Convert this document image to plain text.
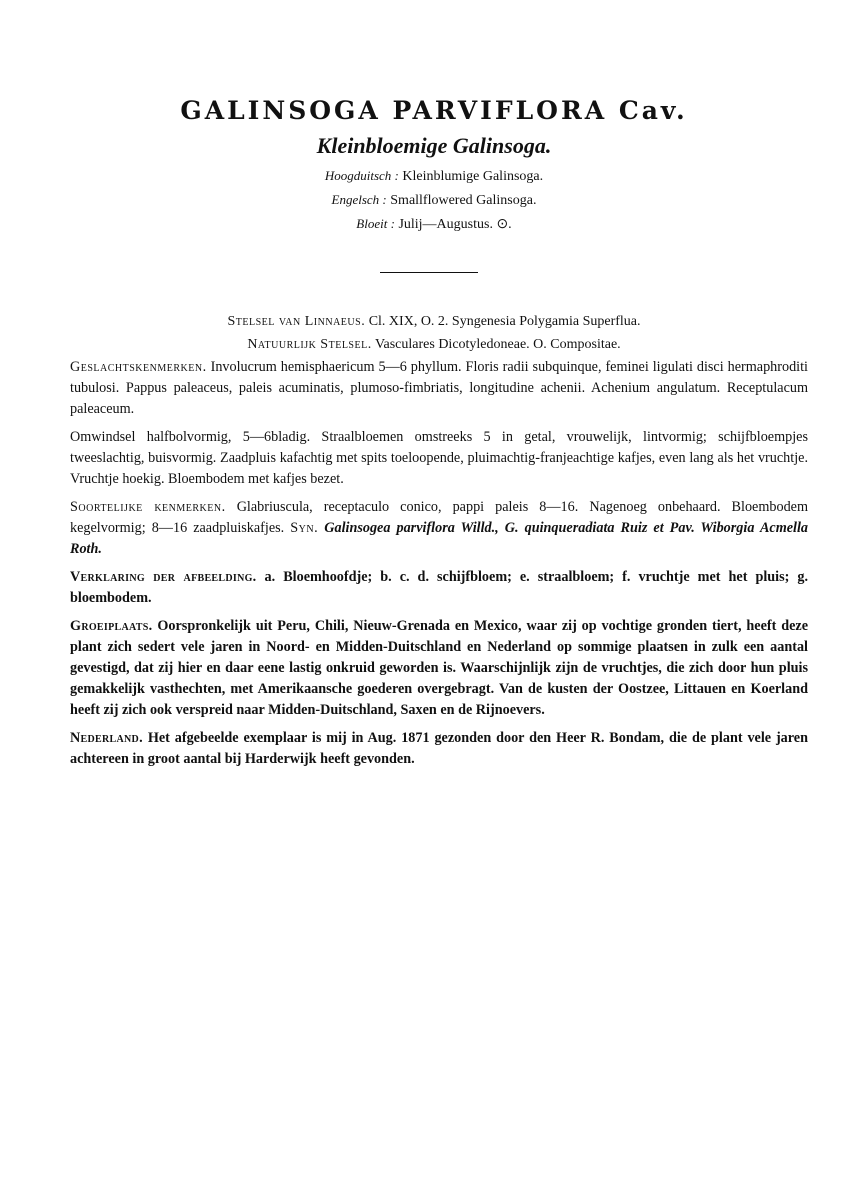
GALINSOGA PARVIFLORA Cav.
Kleinbloemige Galinsoga.
Hoogduitsch : Kleinblumige Galinsoga.
Engelsch : Smallflowered Galinsoga.
Bloeit : Julij—Augustus. ⊙.
Stelsel van Linnaeus. Cl. XIX, O. 2. Syngenesia Polygamia Superflua.
Natuurlijk Stelsel. Vasculares Dicotyledoneae. O. Compositae.

Geslachtskenmerken. Involucrum hemisphaericum 5—6 phyllum. Floris radii subquinque, feminei ligulati disci hermaphroditi tubulosi. Pappus paleaceus, paleis acuminatis, plumoso-fimbriatis, longitudine achenii. Achenium angulatum. Receptulacum paleaceum.

Omwindsel halfbolvormig, 5—6bladig. Straalbloemen omstreeks 5 in getal, vrouwelijk, lintvormig; schijfbloempjes tweeslachtig, buisvormig. Zaadpluis kafachtig met spits toeloopende, pluimachtig-franjeachtige kafjes, even lang als het vruchtje. Vruchtje hoekig. Bloembodem met kafjes bezet.

Soortelijke kenmerken. Glabriuscula, receptaculo conico, pappi paleis 8—16. Nagenoeg onbehaard. Bloembodem kegelvormig; 8—16 zaadpluiskafjes. Syn. Galinsogea parviflora Willd., G. quinqueradiata Ruiz et Pav. Wiborgia Acmella Roth.

Verklaring der afbeelding. a. Bloemhoofdje; b. c. d. schijfbloem; e. straalbloem; f. vruchtje met het pluis; g. bloembodem.

Groeiplaats. Oorspronkelijk uit Peru, Chili, Nieuw-Grenada en Mexico, waar zij op vochtige gronden tiert, heeft deze plant zich sedert vele jaren in Noord- en Midden-Duitschland en Nederland op sommige plaatsen in zulk een aantal gevestigd, dat zij hier en daar eene lastig onkruid geworden is. Waarschijnlijk zijn de vruchtjes, die zich door hun pluis gemakkelijk vasthechten, met Amerikaansche goederen overgebragt. Van de kusten der Oostzee, Littauen en Koerland heeft zij zich ook verspreid naar Midden-Duitschland, Saxen en de Rijnoevers.

Nederland. Het afgebeelde exemplaar is mij in Aug. 1871 gezonden door den Heer R. Bondam, die de plant vele jaren achtereen in groot aantal bij Harderwijk heeft gevonden.
